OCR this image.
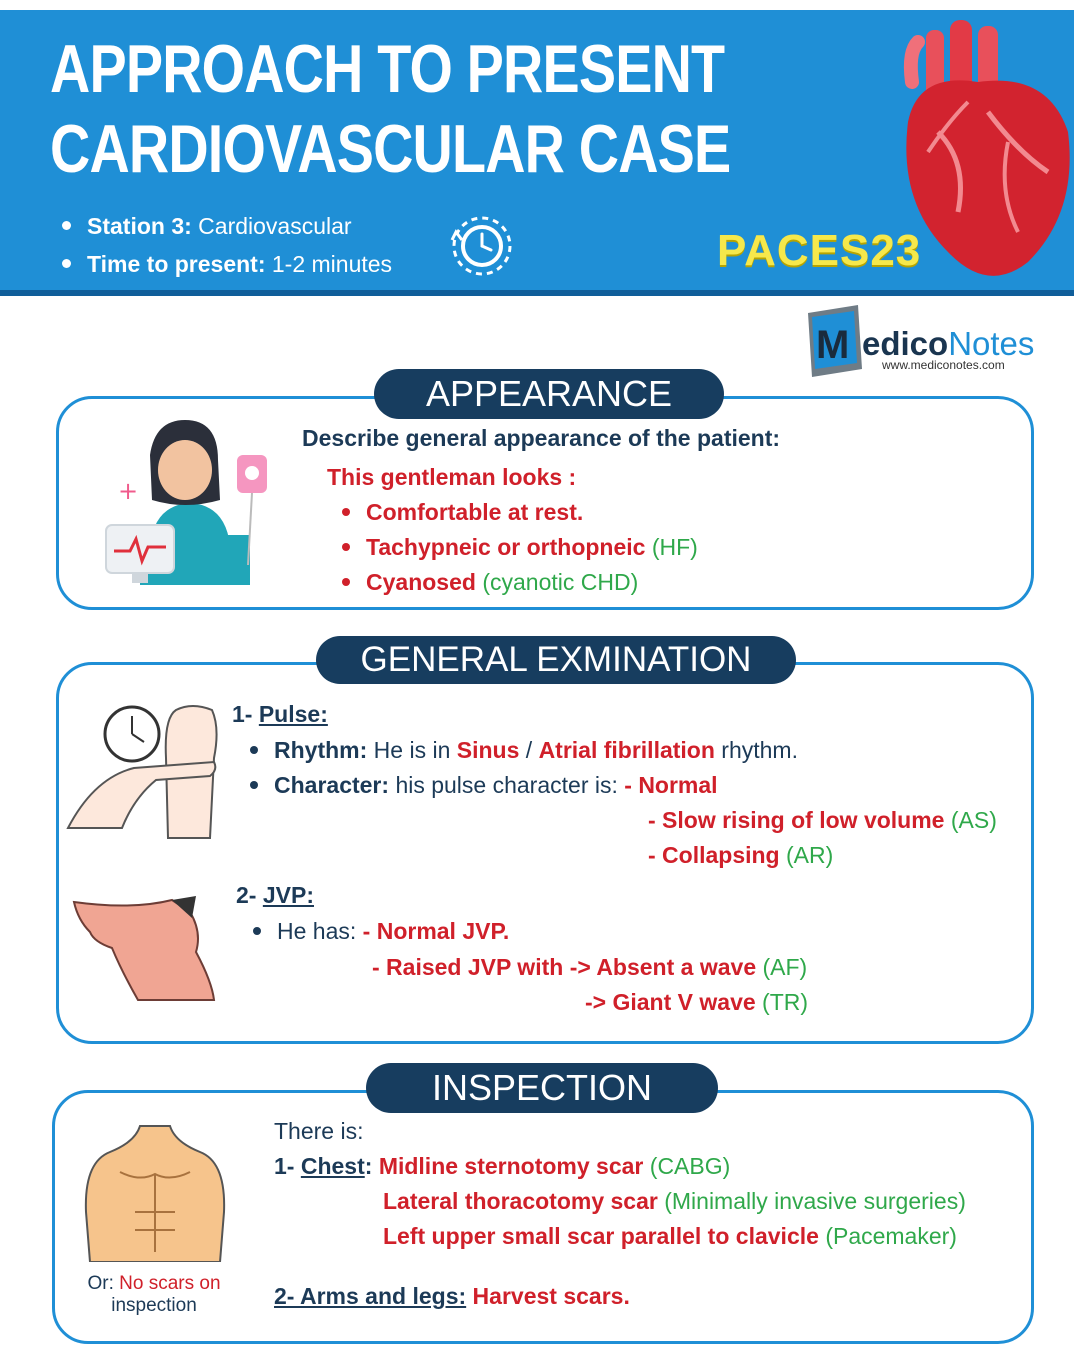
APPROACH TO PRESENT
CARDIOVASCULAR CASE
Station 3: Cardiovascular
Time to present: 1-2 minutes	PACES23
M edicoNotes
www.mediconotes.com
APPEARANCE
+
Describe general appearance of the patient:
This gentleman looks :
Comfortable at rest.
Tachypneic or orthopneic (HF)
Cyanosed (cyanotic CHD)
GENERAL EXMINATION
1- Pulse:
Rhythm: He is in Sinus / Atrial fibrillation rhythm.
Character: his pulse character is: - Normal
- Slow rising of low volume (AS)
- Collapsing (AR)
2- JVP:
He has: - Normal JVP.
- Raised JVP with -> Absent a wave (AF)
-> Giant V wave (TR)
INSPECTION
Or: No scars on
inspection
There is:
1- Chest: Midline sternotomy scar (CABG)
Lateral thoracotomy scar (Minimally invasive surgeries)
Left upper small scar parallel to clavicle (Pacemaker)
2- Arms and legs: Harvest scars.
